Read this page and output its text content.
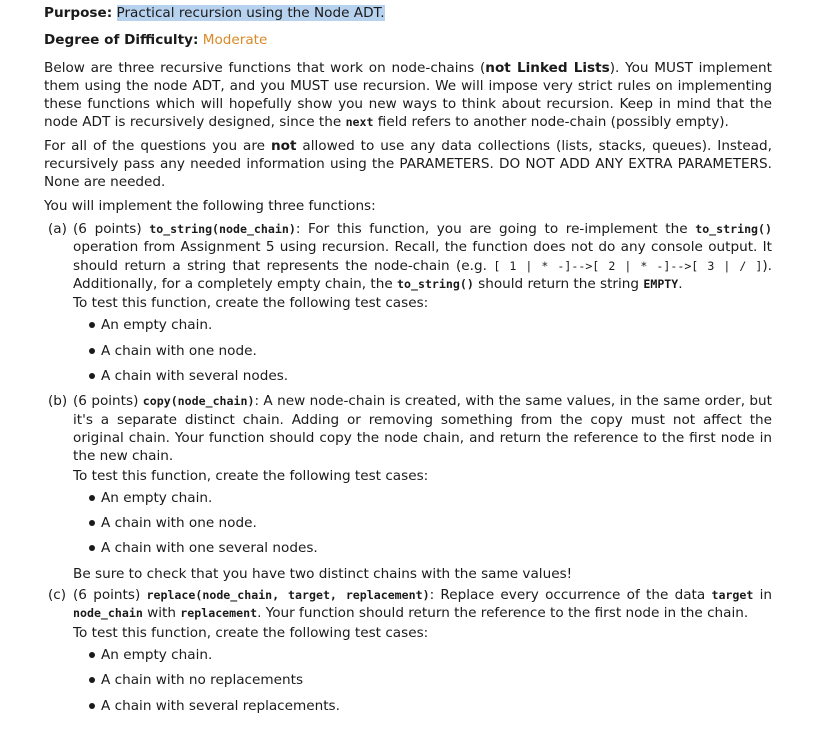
Purpose: Practical recursion using the Node ADT.
Degree of Difficulty: Moderate

Below are three recursive functions that work on node-chains (not Linked Lists). You MUST implement them using the node ADT, and you MUST use recursion. We will impose very strict rules on implementing these functions which will hopefully show you new ways to think about recursion. Keep in mind that the node ADT is recursively designed, since the next field refers to another node-chain (possibly empty).

For all of the questions you are not allowed to use any data collections (lists, stacks, queues). Instead, recursively pass any needed information using the PARAMETERS. DO NOT ADD ANY EXTRA PARAMETERS. None are needed.

You will implement the following three functions:

(a) (6 points) to_string(node_chain): For this function, you are going to re-implement the to_string() operation from Assignment 5 using recursion. Recall, the function does not do any console output. It should return a string that represents the node-chain (e.g. [ 1 | * -]-->[ 2 | * -]-->[ 3 | / ]). Additionally, for a completely empty chain, the to_string() should return the string EMPTY.
To test this function, create the following test cases:
An empty chain.
A chain with one node.
A chain with several nodes.
(b) (6 points) copy(node_chain): A new node-chain is created, with the same values, in the same order, but it's a separate distinct chain. Adding or removing something from the copy must not affect the original chain. Your function should copy the node chain, and return the reference to the first node in the new chain.
To test this function, create the following test cases:
An empty chain.
A chain with one node.
A chain with one several nodes.
Be sure to check that you have two distinct chains with the same values!
(c) (6 points) replace(node_chain, target, replacement): Replace every occurrence of the data target in node_chain with replacement. Your function should return the reference to the first node in the chain.
To test this function, create the following test cases:
An empty chain.
A chain with no replacements
A chain with several replacements.
